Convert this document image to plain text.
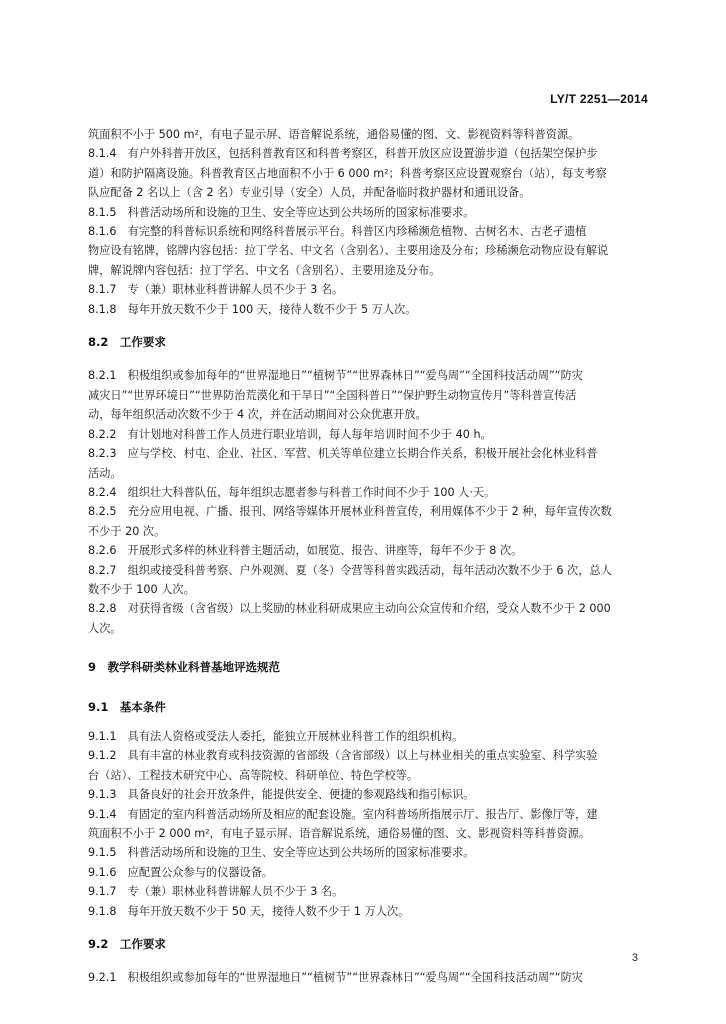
LY/T 2251—2014
筑面积不小于 500 m²，有电子显示屏、语音解说系统，通俗易懂的图、文、影视资料等科普资源。
8.1.4　有户外科普开放区，包括科普教育区和科普考察区，科普开放区应设置游步道（包括架空保护步
道）和防护隔离设施。科普教育区占地面积不小于 6 000 m²；科普考察区应设置观察台（站），每支考察
队应配备 2 名以上（含 2 名）专业引导（安全）人员，并配备临时救护器材和通讯设备。
8.1.5　科普活动场所和设施的卫生、安全等应达到公共场所的国家标准要求。
8.1.6　有完整的科普标识系统和网络科普展示平台。科普区内珍稀濒危植物、古树名木、古老孑遗植
物应设有铭牌，铭牌内容包括：拉丁学名、中文名（含别名）、主要用途及分布；珍稀濒危动物应设有解说
牌，解说牌内容包括：拉丁学名、中文名（含别名）、主要用途及分布。
8.1.7　专（兼）职林业科普讲解人员不少于 3 名。
8.1.8　每年开放天数不少于 100 天，接待人数不少于 5 万人次。
8.2　工作要求
8.2.1　积极组织或参加每年的“世界湿地日”“植树节”“世界森林日”“爱鸟周”“全国科技活动周”“防灾
减灾日”“世界环境日”“世界防治荒漠化和干旱日”“全国科普日”“保护野生动物宣传月”等科普宣传活
动，每年组织活动次数不少于 4 次，并在活动期间对公众优惠开放。
8.2.2　有计划地对科普工作人员进行职业培训，每人每年培训时间不少于 40 h。
8.2.3　应与学校、村屯、企业、社区、军营、机关等单位建立长期合作关系，积极开展社会化林业科普
活动。
8.2.4　组织壮大科普队伍，每年组织志愿者参与科普工作时间不少于 100 人·天。
8.2.5　充分应用电视、广播、报刊、网络等媒体开展林业科普宣传，利用媒体不少于 2 种，每年宣传次数
不少于 20 次。
8.2.6　开展形式多样的林业科普主题活动，如展览、报告、讲座等，每年不少于 8 次。
8.2.7　组织或接受科普考察、户外观测、夏（冬）令营等科普实践活动，每年活动次数不少于 6 次，总人
数不少于 100 人次。
8.2.8　对获得省级（含省级）以上奖励的林业科研成果应主动向公众宣传和介绍，受众人数不少于 2 000
人次。
9　教学科研类林业科普基地评选规范
9.1　基本条件
9.1.1　具有法人资格或受法人委托，能独立开展林业科普工作的组织机构。
9.1.2　具有丰富的林业教育或科技资源的省部级（含省部级）以上与林业相关的重点实验室、科学实验
台（站）、工程技术研究中心、高等院校、科研单位、特色学校等。
9.1.3　具备良好的社会开放条件，能提供安全、便捷的参观路线和指引标识。
9.1.4　有固定的室内科普活动场所及相应的配套设施。室内科普场所指展示厅、报告厅、影像厅等，建
筑面积不小于 2 000 m²，有电子显示屏、语音解说系统，通俗易懂的图、文、影视资料等科普资源。
9.1.5　科普活动场所和设施的卫生、安全等应达到公共场所的国家标准要求。
9.1.6　应配置公众参与的仪器设备。
9.1.7　专（兼）职林业科普讲解人员不少于 3 名。
9.1.8　每年开放天数不少于 50 天，接待人数不少于 1 万人次。
9.2　工作要求
9.2.1　积极组织或参加每年的“世界湿地日”“植树节”“世界森林日”“爱鸟周”“全国科技活动周”“防灾
3
